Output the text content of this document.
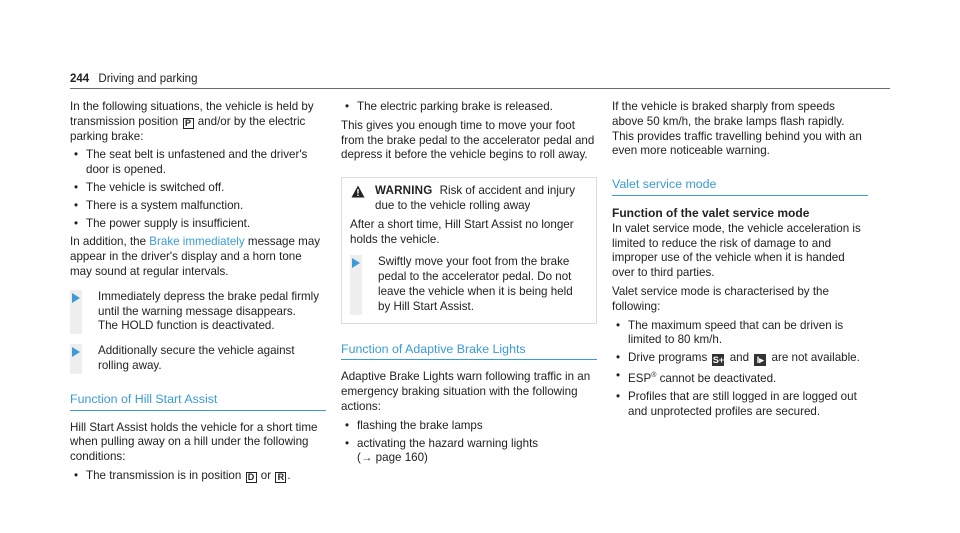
244 Driving and parking

In the following situations, the vehicle is held by transmission position P and/or by the electric parking brake:

• The seat belt is unfastened and the driver's door is opened.
• The vehicle is switched off.
• There is a system malfunction.
• The power supply is insufficient.

In addition, the Brake immediately message may appear in the driver's display and a horn tone may sound at regular intervals.

Immediately depress the brake pedal firmly until the warning message disappears.
The HOLD function is deactivated.
Additionally secure the vehicle against rolling away.
Function of Hill Start Assist

Hill Start Assist holds the vehicle for a short time when pulling away on a hill under the following conditions:

• The transmission is in position D or R .
• The electric parking brake is released.

This gives you enough time to move your foot from the brake pedal to the accelerator pedal and depress it before the vehicle begins to roll away.

WARNING Risk of accident and injury due to the vehicle rolling away

After a short time, Hill Start Assist no longer holds the vehicle.

Swiftly move your foot from the brake pedal to the accelerator pedal. Do not leave the vehicle when it is being held by Hill Start Assist.
Function of Adaptive Brake Lights

Adaptive Brake Lights warn following traffic in an emergency braking situation with the following actions:

• flashing the brake lamps
• activating the hazard warning lights
(→ page 160)

If the vehicle is braked sharply from speeds above 50 km/h, the brake lamps flash rapidly. This provides traffic travelling behind you with an even more noticeable warning.

Valet service mode
Function of the valet service mode

In valet service mode, the vehicle acceleration is limited to reduce the risk of damage to and improper use of the vehicle when it is handed over to third parties.

Valet service mode is characterised by the following:

• The maximum speed that can be driven is limited to 80 km/h.
• Drive programs S+ and I▸ are not available.
• ESP® cannot be deactivated.
• Profiles that are still logged in are logged out and unprotected profiles are secured.
